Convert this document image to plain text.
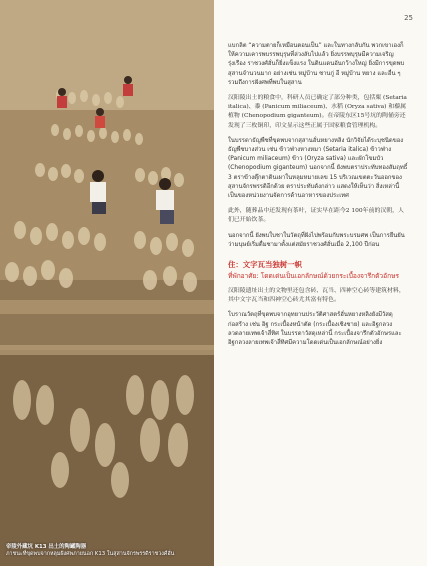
帝陵外藏坑 K13 出土的陶罐陶器
ภาชนะที่ขุดพบจากหลุมฝังศพภายนอก K13 ในสุสานจักรพรรดิราชวงศ์ฮั่น
25

แบกลิต “ความตายก็เหมือนตอนเป็น” และในทางกลับกัน พวกเขาเองก็ให้ความเคารพบรรพบุรุษที่ล่วงลับไปแล้ว ยิ่งบรรพบุรุษมีความเจริญรุ่งเรือง ราชวงศ์ฮั่นก็ยิ่งแข็งแรง ในดินแดนอันกว้างใหญ่ ยิ่งมีการขุดพบสุสานจำนวนมาก อย่างเช่น หมู่บ้าน ซานกู่ อี หมู่บ้าน หยาง และอื่น ๆ รวมถึงการฝังศพที่พบในสุสาน

汉阳陵出土的粮食中，科研人员已确定了部分种类，包括粟 (Setaria italica)、黍 (Panicum miliaceum)、水稻 (Oryza sativa) 和藜属植物 (Chenopodium giganteum)。在帝陵东区15号坑的陶俑旁还发现了三枚铜印，印文显示这些正属于国家粮食管理机构。

ในบรรดาธัญพืชที่ขุดพบจากสุสานฮั่นหยางหลิง นักวิจัยได้ระบุชนิดของธัญพืชบางส่วน เช่น ข้าวฟ่างหางหมา (Setaria italica) ข้าวฟ่าง (Panicum miliaceum) ข้าว (Oryza sativa) และผักโขมบัว (Chenopodium giganteum) นอกจากนี้ ยังพบตราประทับทองสัมฤทธิ์ 3 ตราข้างตุ๊กตาดินเผาในหลุมหมายเลข 15 บริเวณเขตตะวันออกของสุสานจักรพรรดิอีกด้วย ตราประทับดังกล่าว แสดงให้เห็นว่า สิ่งเหล่านี้เป็นของหน่วยงานจัดการด้านอาหารของประเทศ

此外，随葬品中还发现有茶叶，证实早在距今2 100年前的汉朝，人们已开始饮茶。

นอกจากนี้ ยังพบใบชาในวัตถุที่ฝังไปพร้อมกับพระบรมศพ เป็นการยืนยันว่ามนุษย์เริ่มดื่มชามาตั้งแต่สมัยราชวงศ์ฮั่นเมื่อ 2,100 ปีก่อน

住：文字瓦当独树一帜
ที่พักอาศัย: โดดเด่นเป็นเอกลักษณ์ด้วยกระเบื้องจารึกตัวอักษร

汉阳陵遗址出土的文物里还包含砖、瓦当、四神空心砖等建筑材料，其中文字瓦当和四神空心砖尤其富有特色。

โบราณวัตถุที่ขุดพบจากอุทยานประวัติศาสตร์ฮั่นหยางหลิงยังมีวัสดุก่อสร้าง เช่น อิฐ กระเบื้องหน้าตัด (กระเบื้องเชิงชาย) และอิฐกลวงลวดลายเทพเจ้าสี่ทิศ ในบรรดาวัสดุเหล่านี้ กระเบื้องจารึกตัวอักษรและอิฐกลวงลายเทพเจ้าสี่ทิศมีความโดดเด่นเป็นเอกลักษณ์อย่างยิ่ง
